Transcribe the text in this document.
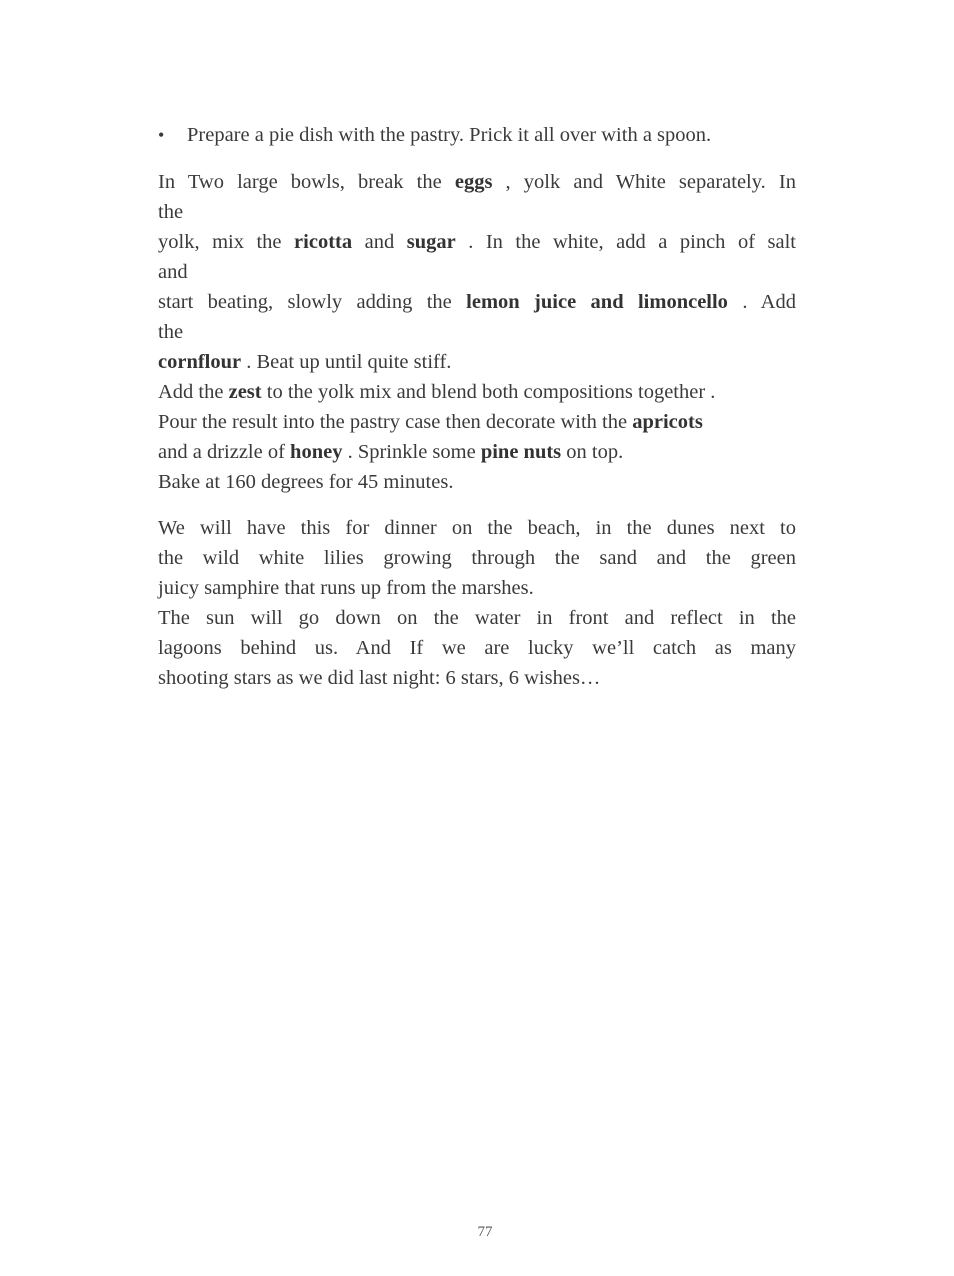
• Prepare a pie dish with the pastry. Prick it all over with a spoon.
In Two large bowls, break the eggs , yolk and White separately. In
the
yolk, mix the ricotta and sugar . In the white, add a pinch of salt
and
start beating, slowly adding the lemon juice and limoncello . Add
the
cornflour . Beat up until quite stiff.
Add the zest to the yolk mix and blend both compositions together .
Pour the result into the pastry case then decorate with the apricots
and a drizzle of honey . Sprinkle some pine nuts on top.
Bake at 160 degrees for 45 minutes.
We will have this for dinner on the beach, in the dunes next to
the wild white lilies growing through the sand and the green
juicy samphire that runs up from the marshes.
The sun will go down on the water in front and reflect in the
lagoons behind us. And If we are lucky we’ll catch as many
shooting stars as we did last night: 6 stars, 6 wishes…
77
